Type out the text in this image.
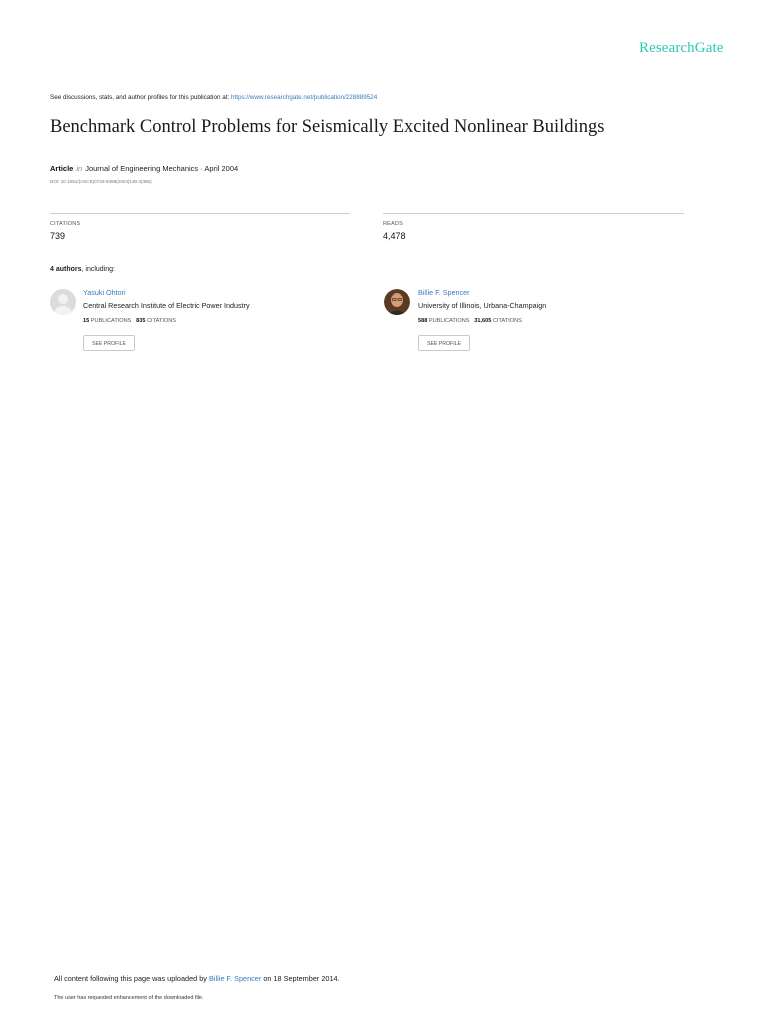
ResearchGate
See discussions, stats, and author profiles for this publication at: https://www.researchgate.net/publication/228889524
Benchmark Control Problems for Seismically Excited Nonlinear Buildings
Article in Journal of Engineering Mechanics · April 2004
DOI: 10.1061/(ASCE)0733-9399(2004)130:4(366)
CITATIONS
739
READS
4,478
4 authors, including:
Yasuki Ohtori
Central Research Institute of Electric Power Industry
15 PUBLICATIONS 835 CITATIONS
SEE PROFILE
Billie F. Spencer
University of Illinois, Urbana-Champaign
588 PUBLICATIONS 31,605 CITATIONS
SEE PROFILE
All content following this page was uploaded by Billie F. Spencer on 18 September 2014.
The user has requested enhancement of the downloaded file.
